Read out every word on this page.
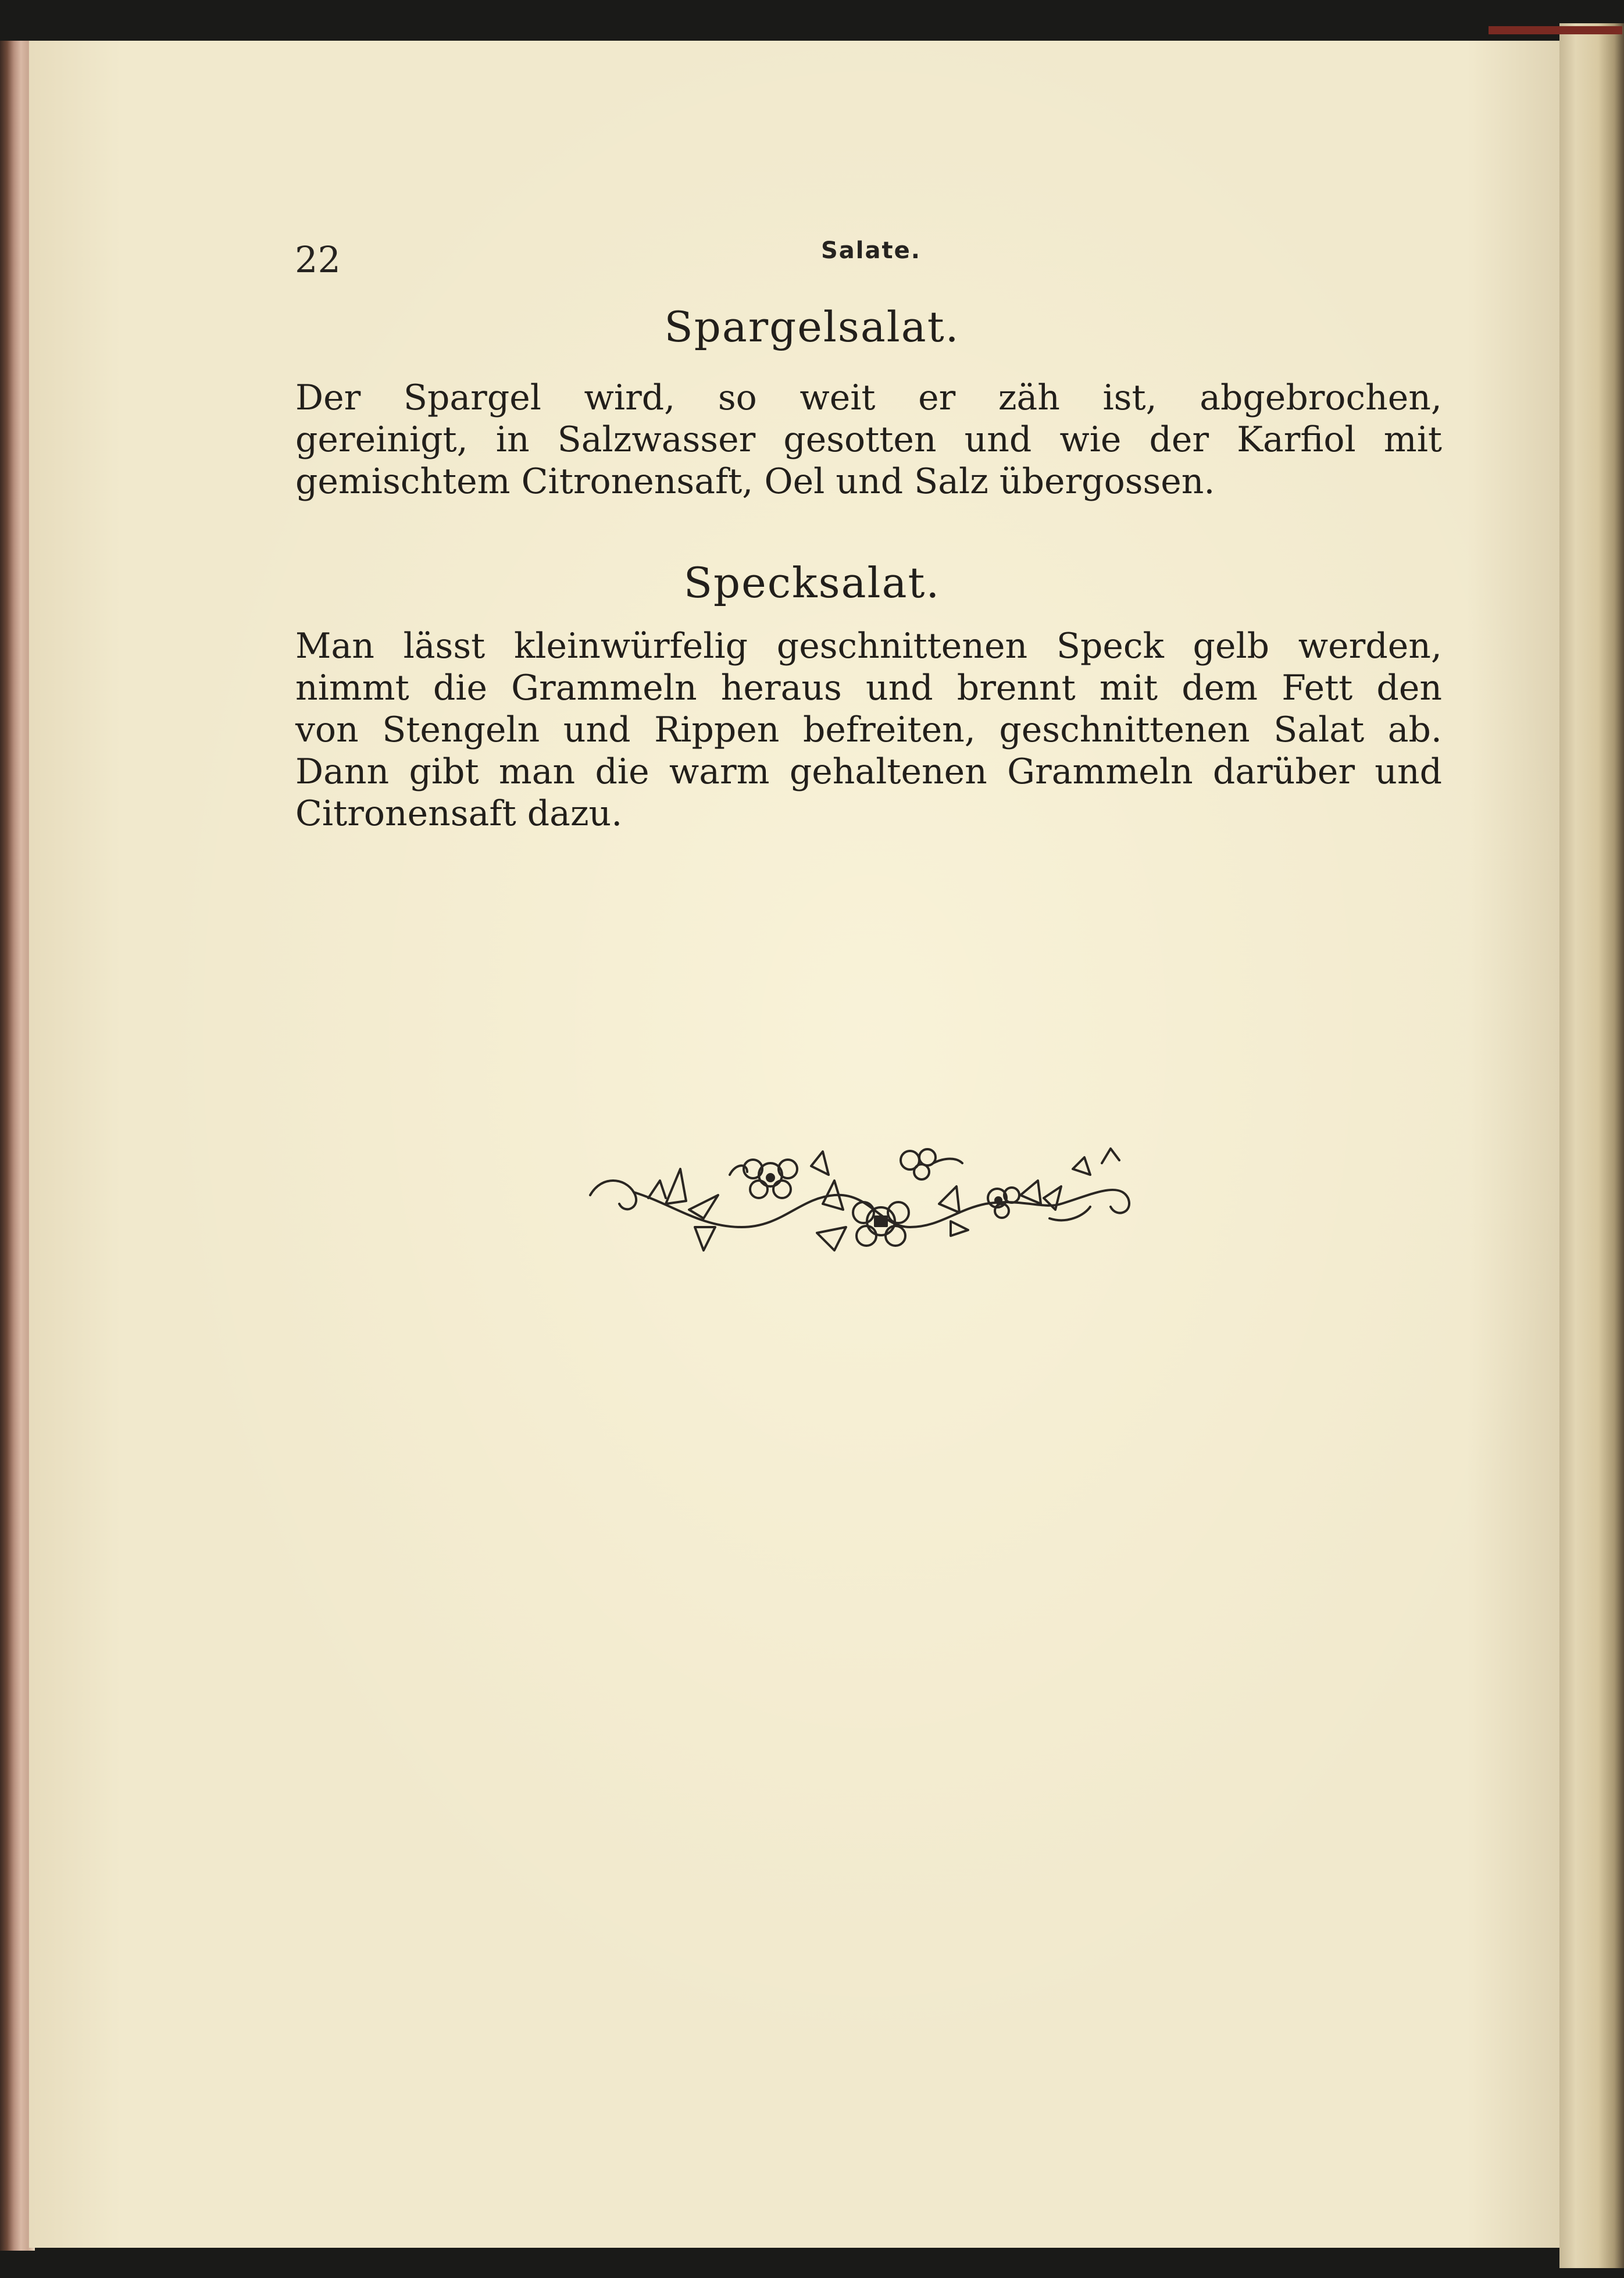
22	Salate.
Spargelsalat.
Der Spargel wird, so weit er zäh ist, abgebrochen,
gereinigt, in Salzwasser gesotten und wie der Karfiol mit
gemischtem Citronensaft, Oel und Salz übergossen.
Specksalat.
Man lässt kleinwürfelig geschnittenen Speck gelb werden,
nimmt die Grammeln heraus und brennt mit dem Fett den
von Stengeln und Rippen befreiten, geschnittenen Salat ab.
Dann gibt man die warm gehaltenen Grammeln darüber und
Citronensaft dazu.
